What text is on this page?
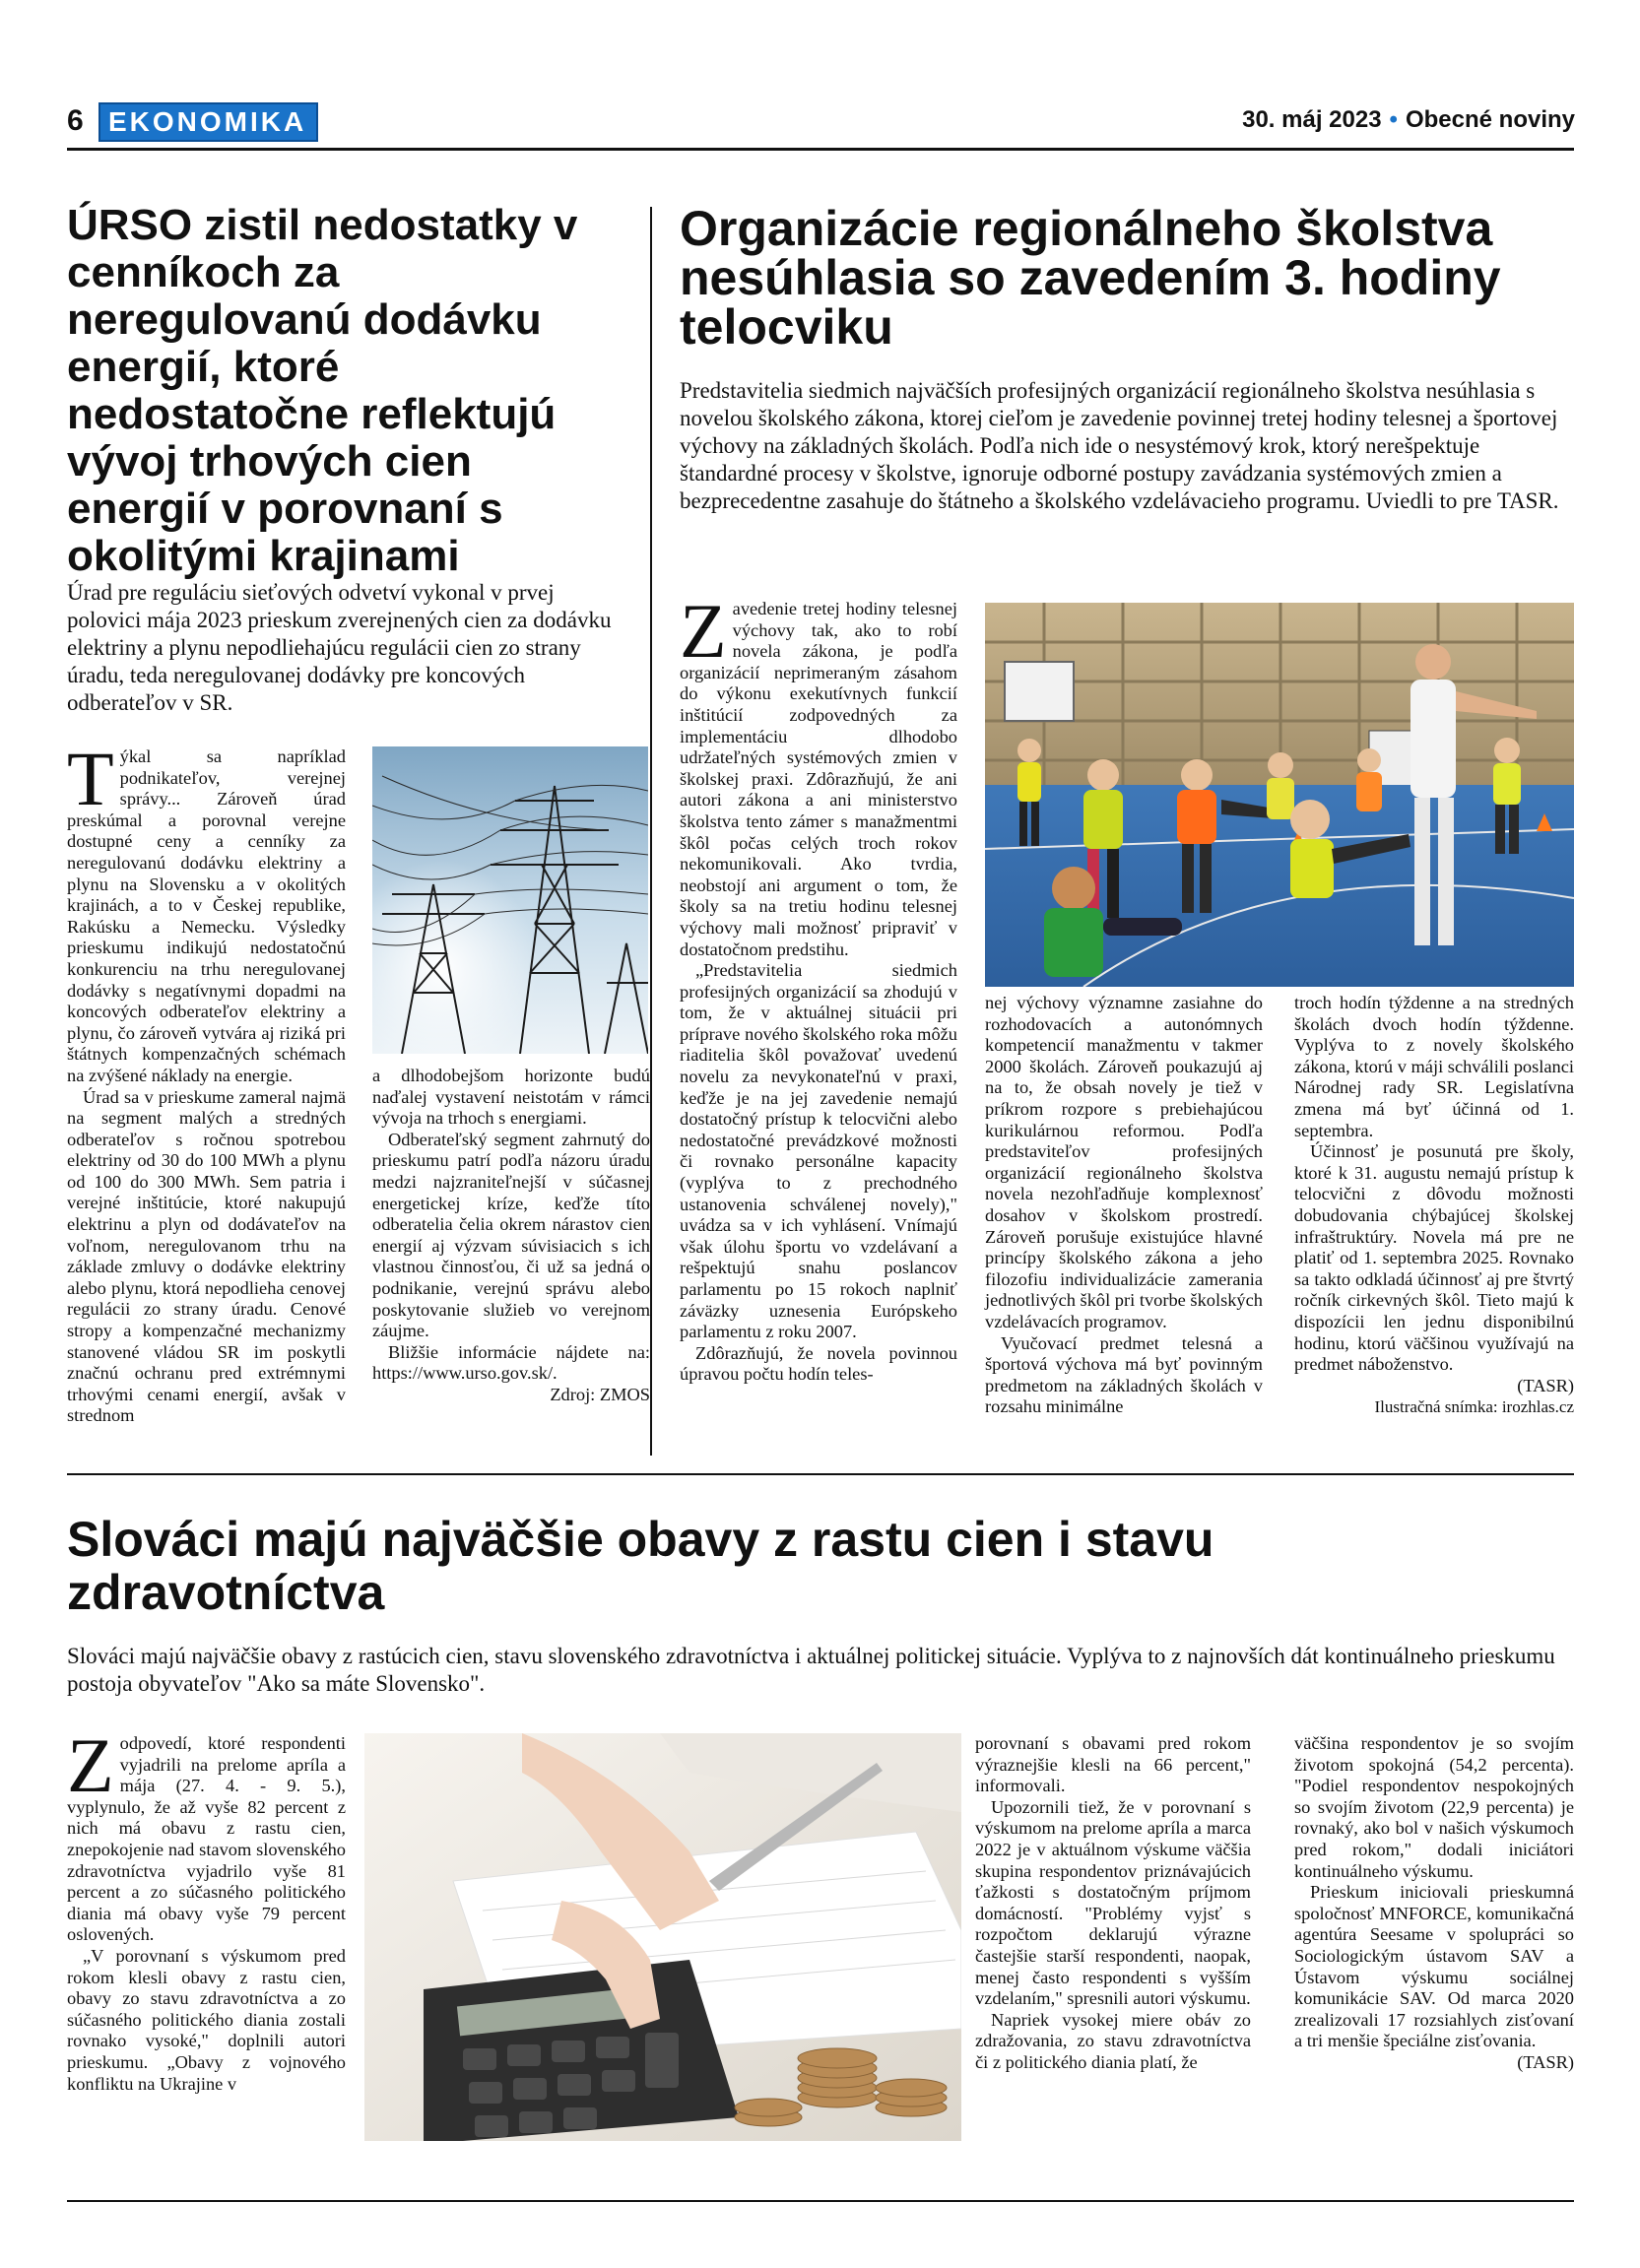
6 EKONOMIKA	30. máj 2023 • Obecné noviny
ÚRSO zistil nedostatky v cenníkoch za neregulovanú dodávku energií, ktoré nedostatočne reflektujú vývoj trhových cien energií v porovnaní s okolitými krajinami
Úrad pre reguláciu sieťových odvetví vykonal v prvej polovici mája 2023 prieskum zverejnených cien za dodávku elektriny a plynu nepodliehajúcu regulácii cien zo strany úradu, teda neregulovanej dodávky pre koncových odberateľov v SR.

Týkal sa napríklad podnikateľov, verejnej správy... Zároveň úrad preskúmal a porovnal verejne dostupné ceny a cenníky za neregulovanú dodávku elektriny a plynu na Slovensku a v okolitých krajinách, a to v Českej republike, Rakúsku a Nemecku. Výsledky prieskumu indikujú nedostatočnú konkurenciu na trhu neregulovanej dodávky s negatívnymi dopadmi na koncových odberateľov elektriny a plynu, čo zároveň vytvára aj riziká pri štátnych kompenzačných schémach na zvýšené náklady na energie.

Úrad sa v prieskume zameral najmä na segment malých a stredných odberateľov s ročnou spotrebou elektriny od 30 do 100 MWh a plynu od 100 do 300 MWh. Sem patria i verejné inštitúcie, ktoré nakupujú elektrinu a plyn od dodávateľov na voľnom, neregulovanom trhu na základe zmluvy o dodávke elektriny alebo plynu, ktorá nepodlieha cenovej regulácii zo strany úradu. Cenové stropy a kompenzačné mechanizmy stanovené vládou SR im poskytli značnú ochranu pred extrémnymi trhovými cenami energií, avšak v strednom

a dlhodobejšom horizonte budú naďalej vystavení neistotám v rámci vývoja na trhoch s energiami.

Odberateľský segment zahrnutý do prieskumu patrí podľa názoru úradu medzi najzraniteľnejší v súčasnej energetickej kríze, keďže títo odberatelia čelia okrem nárastov cien energií aj výzvam súvisiacich s ich vlastnou činnosťou, či už sa jedná o podnikanie, verejnú správu alebo poskytovanie služieb vo verejnom záujme.

Bližšie informácie nájdete na: https://www.urso.gov.sk/.

Zdroj: ZMOS

Organizácie regionálneho školstva nesúhlasia so zavedením 3. hodiny telocviku
Predstavitelia siedmich najväčších profesijných organizácií regionálneho školstva nesúhlasia s novelou školského zákona, ktorej cieľom je zavedenie povinnej tretej hodiny telesnej a športovej výchovy na základných školách. Podľa nich ide o nesystémový krok, ktorý nerešpektuje štandardné procesy v školstve, ignoruje odborné postupy zavádzania systémových zmien a bezprecedentne zasahuje do štátneho a školského vzdelávacieho programu. Uviedli to pre TASR.

Zavedenie tretej hodiny telesnej výchovy tak, ako to robí novela zákona, je podľa organizácií neprimeraným zásahom do výkonu exekutívnych funkcií inštitúcií zodpovedných za implementáciu dlhodobo udržateľných systémových zmien v školskej praxi. Zdôrazňujú, že ani autori zákona a ani ministerstvo školstva tento zámer s manažmentmi škôl počas celých troch rokov nekomunikovali. Ako tvrdia, neobstojí ani argument o tom, že školy sa na tretiu hodinu telesnej výchovy mali možnosť pripraviť v dostatočnom predstihu.

„Predstavitelia siedmich profesijných organizácií sa zhodujú v tom, že v aktuálnej situácii pri príprave nového školského roka môžu riaditelia škôl považovať uvedenú novelu za nevykonateľnú v praxi, keďže je na jej zavedenie nemajú dostatočný prístup k telocvični alebo nedostatočné prevádzkové možnosti či rovnako personálne kapacity (vyplýva to z prechodného ustanovenia schválenej novely)," uvádza sa v ich vyhlásení. Vnímajú však úlohu športu vo vzdelávaní a rešpektujú snahu poslancov parlamentu po 15 rokoch naplniť záväzky uznesenia Európskeho parlamentu z roku 2007.

Zdôrazňujú, že novela povinnou úpravou počtu hodín teles-

nej výchovy významne zasiahne do rozhodovacích a autonómnych kompetencií manažmentu v takmer 2000 školách. Zároveň poukazujú aj na to, že obsah novely je tiež v príkrom rozpore s prebiehajúcou kurikulárnou reformou. Podľa predstaviteľov profesijných organizácií regionálneho školstva novela nezohľadňuje komplexnosť dosahov v školskom prostredí. Zároveň porušuje existujúce hlavné princípy školského zákona a jeho filozofiu individualizácie zamerania jednotlivých škôl pri tvorbe školských vzdelávacích programov.

Vyučovací predmet telesná a športová výchova má byť povinným predmetom na základných školách v rozsahu minimálne

troch hodín týždenne a na stredných školách dvoch hodín týždenne. Vyplýva to z novely školského zákona, ktorú v máji schválili poslanci Národnej rady SR. Legislatívna zmena má byť účinná od 1. septembra.

Účinnosť je posunutá pre školy, ktoré k 31. augustu nemajú prístup k telocvični z dôvodu možnosti dobudovania chýbajúcej školskej infraštruktúry. Novela má pre ne platiť od 1. septembra 2025. Rovnako sa takto odkladá účinnosť aj pre štvrtý ročník cirkevných škôl. Tieto majú k dispozícii len jednu disponibilnú hodinu, ktorú väčšinou využívajú na predmet náboženstvo.

(TASR)

Ilustračná snímka: irozhlas.cz

Slováci majú najväčšie obavy z rastu cien i stavu zdravotníctva
Slováci majú najväčšie obavy z rastúcich cien, stavu slovenského zdravotníctva i aktuálnej politickej situácie. Vyplýva to z najnovších dát kontinuálneho prieskumu postoja obyvateľov "Ako sa máte Slovensko".

Zodpovedí, ktoré respondenti vyjadrili na prelome apríla a mája (27. 4. - 9. 5.), vyplynulo, že až vyše 82 percent z nich má obavu z rastu cien, znepokojenie nad stavom slovenského zdravotníctva vyjadrilo vyše 81 percent a zo súčasného politického diania má obavy vyše 79 percent oslovených.

„V porovnaní s výskumom pred rokom klesli obavy z rastu cien, obavy zo stavu zdravotníctva a zo súčasného politického diania zostali rovnako vysoké," doplnili autori prieskumu. „Obavy z vojnového konfliktu na Ukrajine v

porovnaní s obavami pred rokom výraznejšie klesli na 66 percent," informovali.

Upozornili tiež, že v porovnaní s výskumom na prelome apríla a marca 2022 je v aktuálnom výskume väčšia skupina respondentov priznávajúcich ťažkosti s dostatočným príjmom domácností. "Problémy vyjsť s rozpočtom deklarujú výrazne častejšie starší respondenti, naopak, menej často respondenti s vyšším vzdelaním," spresnili autori výskumu.

Napriek vysokej miere obáv zo zdražovania, zo stavu zdravotníctva či z politického diania platí, že

väčšina respondentov je so svojím životom spokojná (54,2 percenta). "Podiel respondentov nespokojných so svojím životom (22,9 percenta) je rovnaký, ako bol v našich výskumoch pred rokom," dodali iniciátori kontinuálneho výskumu.

Prieskum iniciovali prieskumná spoločnosť MNFORCE, komunikačná agentúra Seesame v spolupráci so Sociologickým ústavom SAV a Ústavom výskumu sociálnej komunikácie SAV. Od marca 2020 zrealizovali 17 rozsiahlych zisťovaní a tri menšie špeciálne zisťovania.

(TASR)
